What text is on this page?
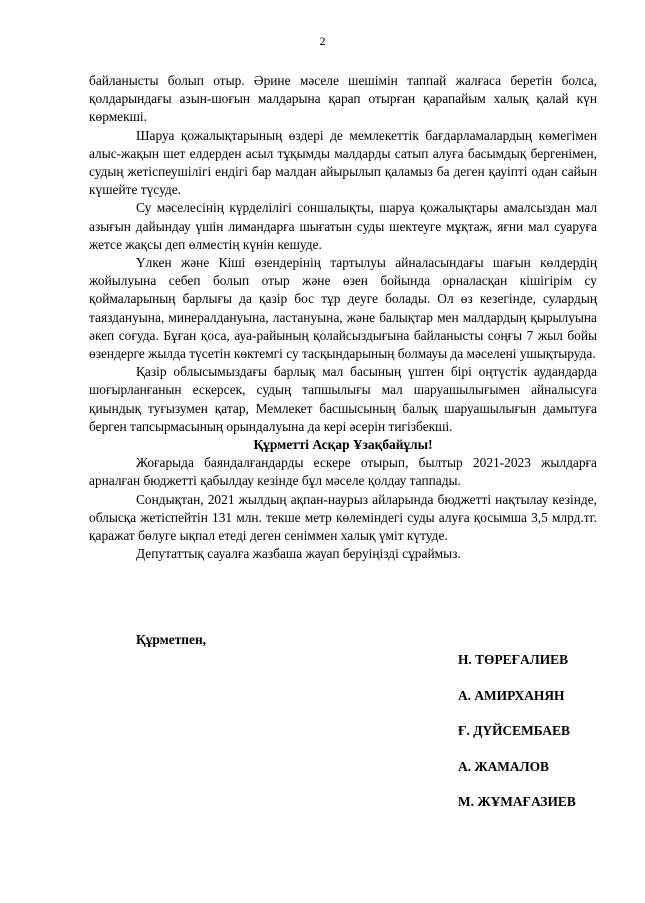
2

байланысты болып отыр. Әрине мәселе шешімін таппай жалғаса беретін болса, қолдарындағы азын-шоғын малдарына қарап отырған қарапайым халық қалай күн көрмекші.

Шаруа қожалықтарының өздері де мемлекеттік бағдарламалардың көмегімен алыс-жақын шет елдерден асыл тұқымды малдарды сатып алуға басымдық бергенімен, судың жетіспеушілігі ендігі бар малдан айырылып қаламыз ба деген қауіпті одан сайын күшейте түсуде.

Су мәселесінің күрделілігі соншалықты, шаруа қожалықтары амалсыздан мал азығын дайындау үшін лимандарға шығатын суды шектеуге мұқтаж, яғни мал суаруға жетсе жақсы деп өлместің күнін кешуде.

Үлкен және Кіші өзендерінің тартылуы айналасындағы шағын көлдердің жойылуына себеп болып отыр және өзен бойында орналасқан кішігірім су қоймаларының барлығы да қазір бос тұр деуге болады. Ол өз кезегінде, сулардың таяздануына, минералдануына, ластануына, және балықтар мен малдардың қырылуына әкеп соғуда. Бұған қоса, ауа-райының қолайсыздығына байланысты соңғы 7 жыл бойы өзендерге жылда түсетін көктемгі су тасқындарының болмауы да мәселені ушықтыруда.

Қазір облысымыздағы барлық мал басының үштен бірі оңтүстік аудандарда шоғырланғанын ескерсек, судың тапшылығы мал шаруашылығымен айналысуға қиындық туғызумен қатар, Мемлекет басшысының балық шаруашылығын дамытуға берген тапсырмасының орындалуына да кері әсерін тигізбекші.

Құрметті Асқар Ұзақбайұлы!

Жоғарыда баяндалғандарды ескере отырып, былтыр 2021-2023 жылдарға арналған бюджетті қабылдау кезінде бұл мәселе қолдау таппады.

Сондықтан, 2021 жылдың ақпан-наурыз айларында бюджетті нақтылау кезінде, облысқа жетіспейтін 131 млн. текше метр көлеміндегі суды алуға қосымша 3,5 млрд.тг. қаражат бөлуге ықпал етеді деген сеніммен халық үміт күтуде.

Депутаттық сауалға жазбаша жауап беруіңізді сұраймыз.

Құрметпен,
Н. ТӨРЕҒАЛИЕВ
А. АМИРХАНЯН
Ғ. ДҮЙСЕМБАЕВ
А. ЖАМАЛОВ
М. ЖҰМАҒАЗИЕВ
